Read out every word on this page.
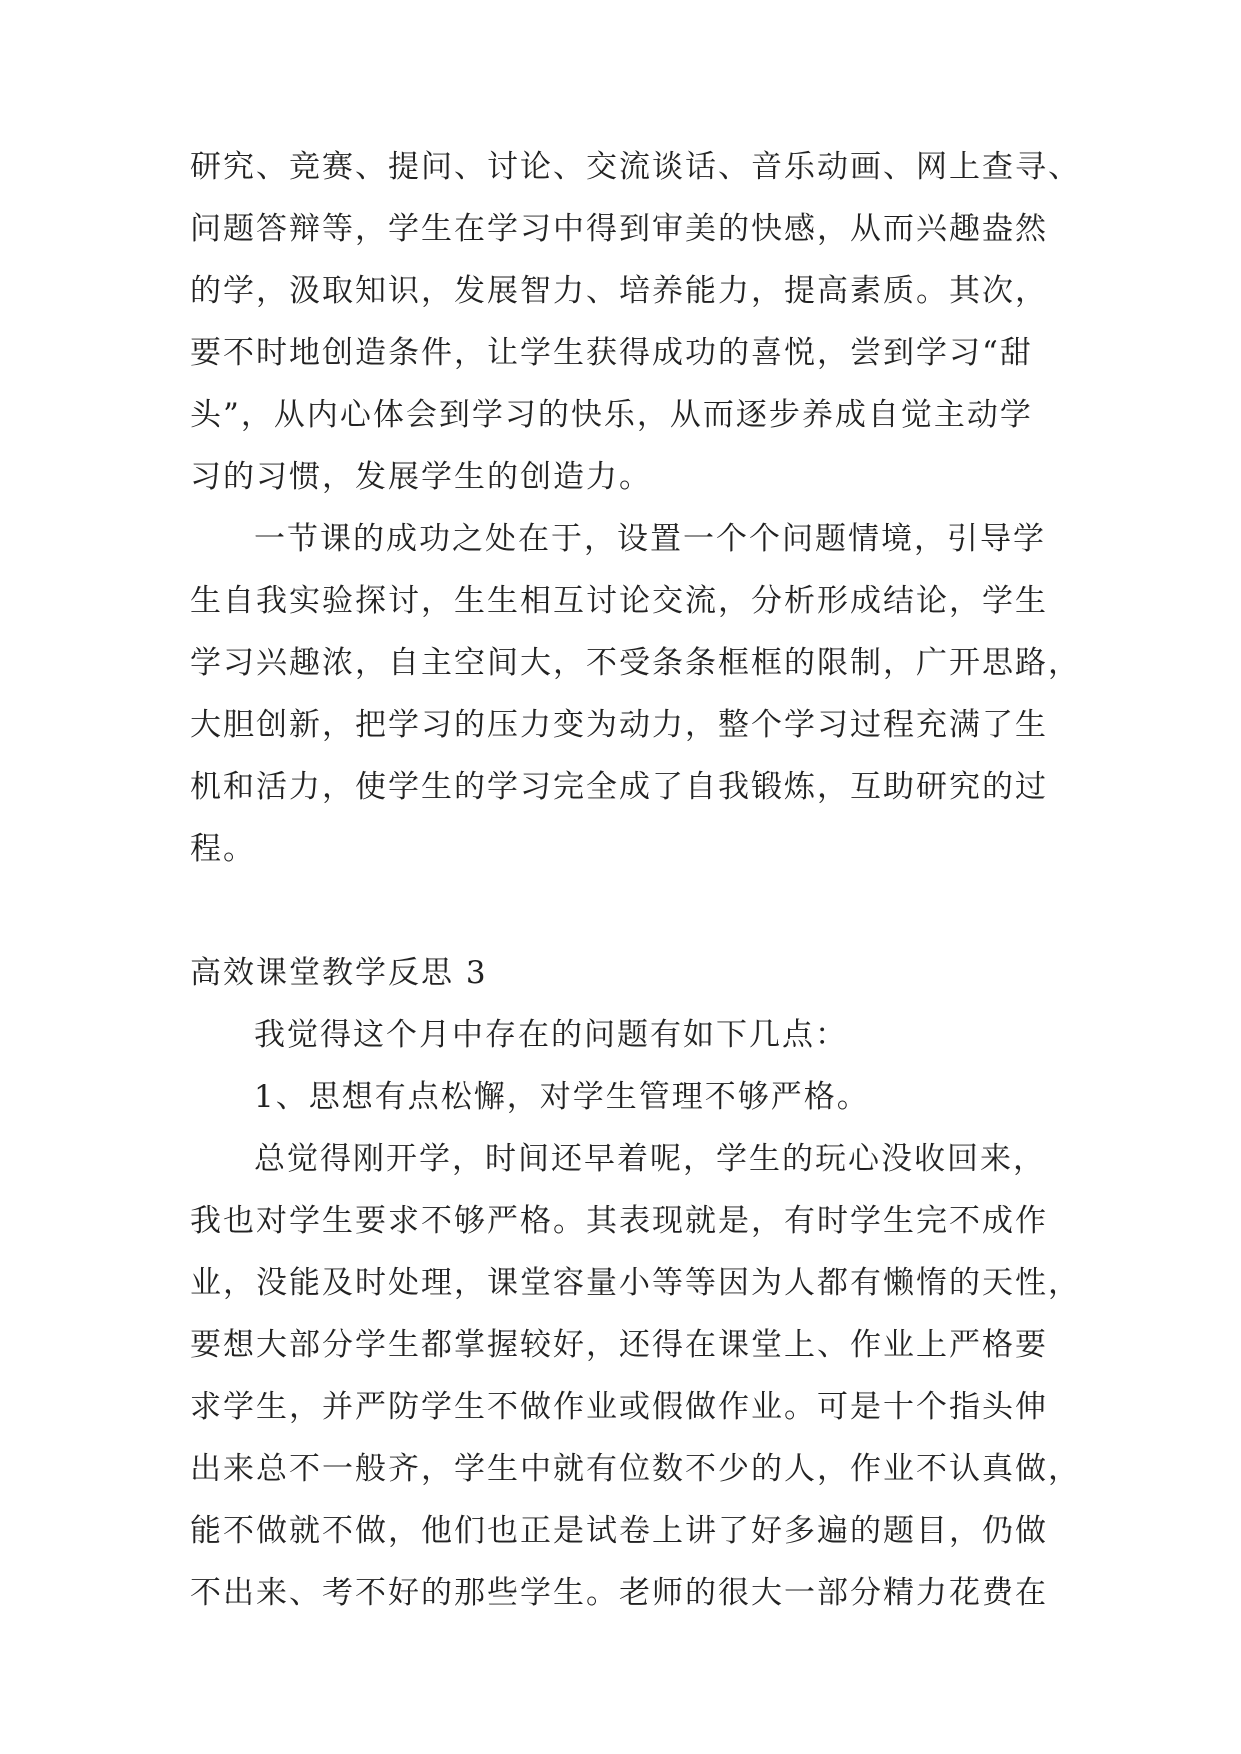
研究、竞赛、提问、讨论、交流谈话、音乐动画、网上查寻、
问题答辩等，学生在学习中得到审美的快感，从而兴趣盎然
的学，汲取知识，发展智力、培养能力，提高素质。其次，
要不时地创造条件，让学生获得成功的喜悦，尝到学习“甜
头”，从内心体会到学习的快乐，从而逐步养成自觉主动学
习的习惯，发展学生的创造力。
一节课的成功之处在于，设置一个个问题情境，引导学
生自我实验探讨，生生相互讨论交流，分析形成结论，学生
学习兴趣浓，自主空间大，不受条条框框的限制，广开思路，
大胆创新，把学习的压力变为动力，整个学习过程充满了生
机和活力，使学生的学习完全成了自我锻炼，互助研究的过
程。
高效课堂教学反思 3
我觉得这个月中存在的问题有如下几点：
1、思想有点松懈，对学生管理不够严格。
总觉得刚开学，时间还早着呢，学生的玩心没收回来，
我也对学生要求不够严格。其表现就是，有时学生完不成作
业，没能及时处理，课堂容量小等等因为人都有懒惰的天性，
要想大部分学生都掌握较好，还得在课堂上、作业上严格要
求学生，并严防学生不做作业或假做作业。可是十个指头伸
出来总不一般齐，学生中就有位数不少的人，作业不认真做，
能不做就不做，他们也正是试卷上讲了好多遍的题目，仍做
不出来、考不好的那些学生。老师的很大一部分精力花费在
